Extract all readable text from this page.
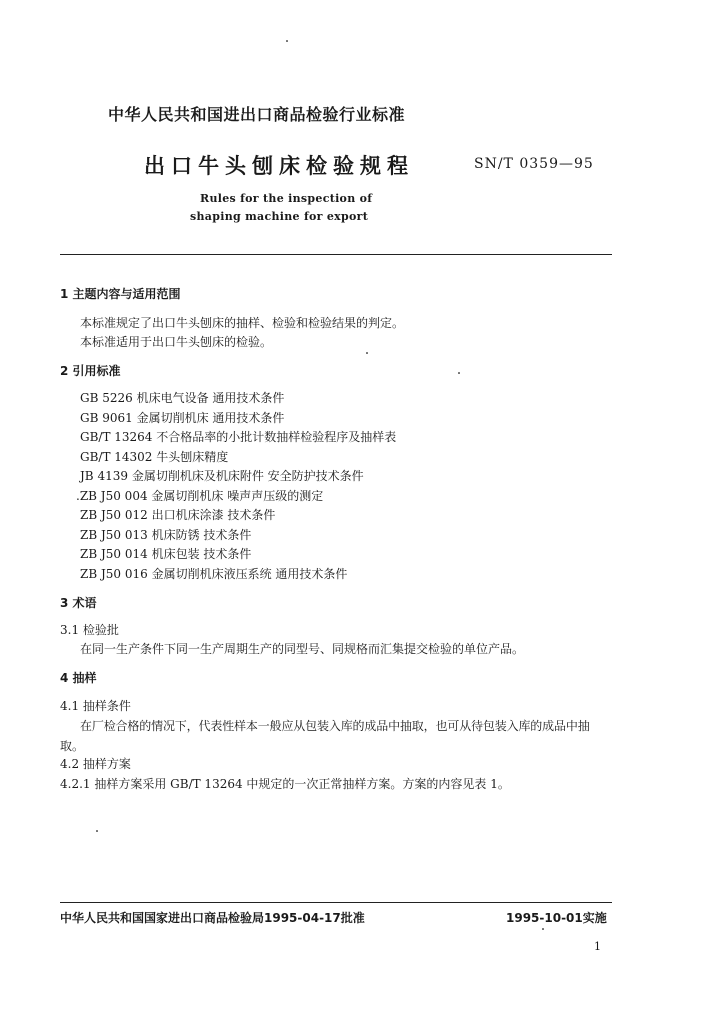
中华人民共和国进出口商品检验行业标准
出口牛头刨床检验规程	SN/T 0359—95
Rules for the inspection of
shaping machine for export
1 主题内容与适用范围
本标准规定了出口牛头刨床的抽样、检验和检验结果的判定。
本标准适用于出口牛头刨床的检验。
2 引用标准
GB 5226 机床电气设备 通用技术条件
GB 9061 金属切削机床 通用技术条件
GB/T 13264 不合格品率的小批计数抽样检验程序及抽样表
GB/T 14302 牛头刨床精度
JB 4139 金属切削机床及机床附件 安全防护技术条件
.ZB J50 004 金属切削机床 噪声声压级的测定
ZB J50 012 出口机床涂漆 技术条件
ZB J50 013 机床防锈 技术条件
ZB J50 014 机床包装 技术条件
ZB J50 016 金属切削机床液压系统 通用技术条件
3 术语
3.1 检验批
在同一生产条件下同一生产周期生产的同型号、同规格而汇集提交检验的单位产品。
4 抽样
4.1 抽样条件
在厂检合格的情况下，代表性样本一般应从包装入库的成品中抽取，也可从待包装入库的成品中抽
取。
4.2 抽样方案
4.2.1 抽样方案采用 GB/T 13264 中规定的一次正常抽样方案。方案的内容见表 1。
中华人民共和国国家进出口商品检验局1995-04-17批准	1995-10-01实施
1
